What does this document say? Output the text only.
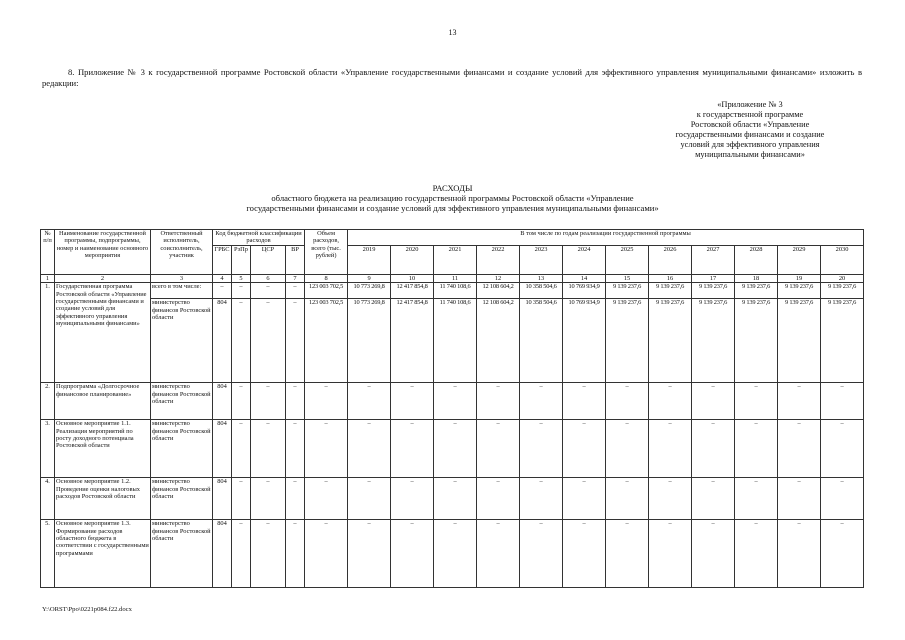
13
8. Приложение № 3 к государственной программе Ростовской области «Управление государственными финансами и создание условий для эффективного управления муниципальными финансами» изложить в редакции:
«Приложение № 3
к государственной программе
Ростовской области «Управление
государственными финансами и создание
условий для эффективного управления
муниципальными финансами»
РАСХОДЫ
областного бюджета на реализацию государственной программы Ростовской области «Управление
государственными финансами и создание условий для эффективного управления муниципальными финансами»
№ п/п	Наименование государственной программы, подпрограммы, номер и наименование основного мероприятия	Ответственный исполнитель, соисполнитель, участник	Код бюджетной классификации расходов				Объем расходов, всего (тыс. рублей)	В том числе по годам реализации государственной программы											
			ГРБС	РзПр	ЦСР	ВР		2019	2020	2021	2022	2023	2024	2025	2026	2027	2028	2029	2030
1	2	3	4	5	6	7	8	9	10	11	12	13	14	15	16	17	18	19	20
1.	Государственная программа Ростовской области «Управление государственными финансами и создание условий для эффективного управления муниципальными финансами»	всего в том числе:	–	–	–	–	123 003 702,5	10 773 269,8	12 417 854,8	11 740 108,6	12 108 604,2	10 358 504,6	10 769 934,9	9 139 237,6	9 139 237,6	9 139 237,6	9 139 237,6	9 139 237,6	9 139 237,6
		министерство финансов Ростовской области	804	–	–	–	123 003 702,5	10 773 269,8	12 417 854,8	11 740 108,6	12 108 604,2	10 358 504,6	10 769 934,9	9 139 237,6	9 139 237,6	9 139 237,6	9 139 237,6	9 139 237,6	9 139 237,6
2.	Подпрограмма «Долгосрочное финансовое планирование»	министерство финансов Ростовской области	804	–	–	–	–	–	–	–	–	–	–	–	–	–	–	–	–
3.	Основное мероприятие 1.1. Реализация мероприятий по росту доходного потенциала Ростовской области	министерство финансов Ростовской области	804	–	–	–	–	–	–	–	–	–	–	–	–	–	–	–	–
4.	Основное мероприятие 1.2. Проведение оценки налоговых расходов Ростовской области	министерство финансов Ростовской области	804	–	–	–	–	–	–	–	–	–	–	–	–	–	–	–	–
5.	Основное мероприятие 1.3. Формирование расходов областного бюджета в соответствии с государственными программами	министерство финансов Ростовской области	804	–	–	–	–	–	–	–	–	–	–	–	–	–	–	–	–
Y:\ORST\Ppo\0221p084.f22.docx
